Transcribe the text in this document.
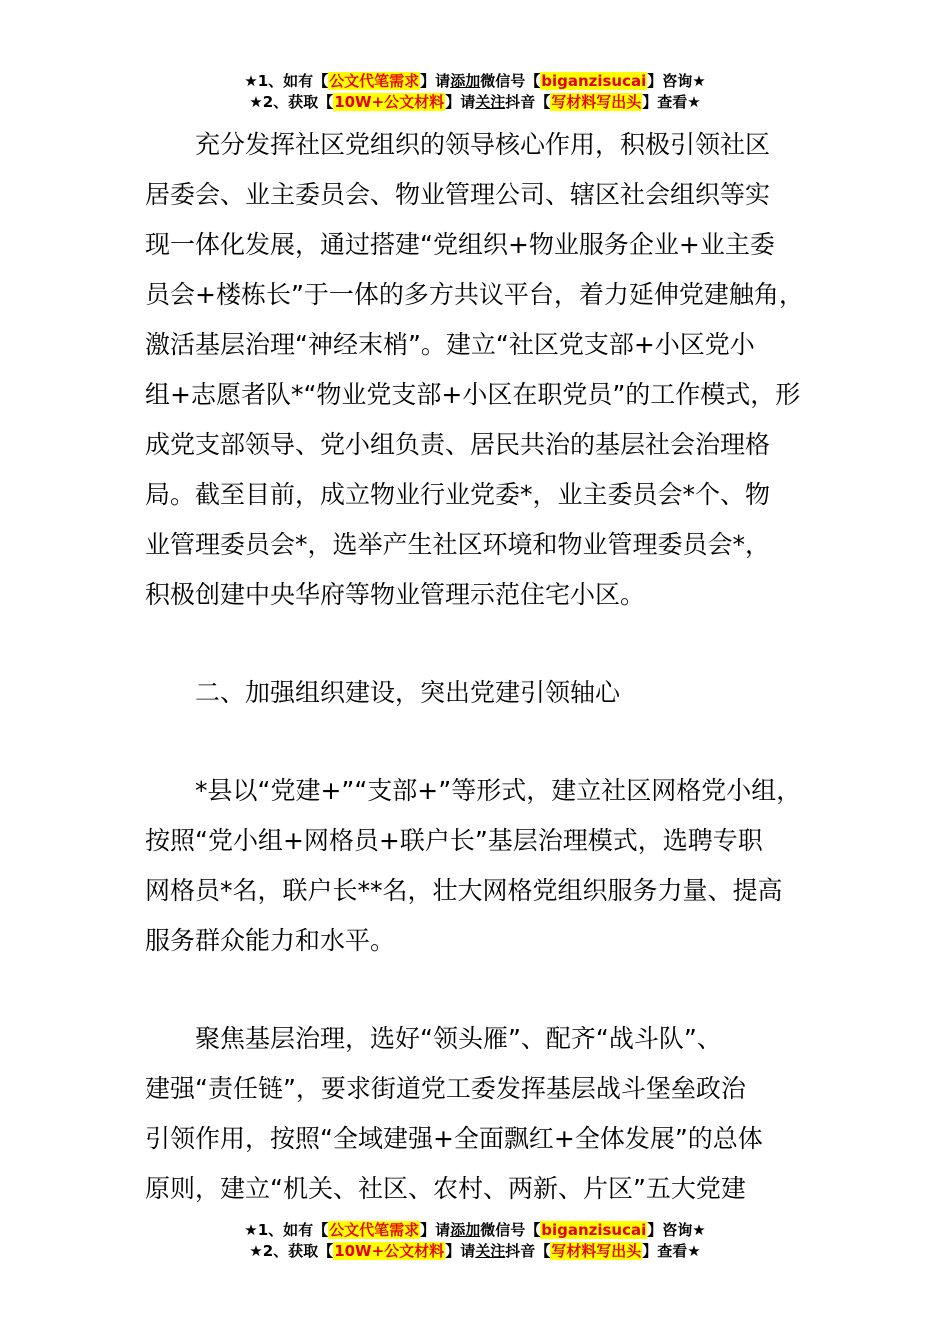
★1、如有【公文代笔需求】请添加微信号【biganzisucai】咨询★
★2、获取【10W+公文材料】请关注抖音【写材料写出头】查看★

充分发挥社区党组织的领导核心作用，积极引领社区
居委会、业主委员会、物业管理公司、辖区社会组织等实
现一体化发展，通过搭建“党组织+物业服务企业+业主委
员会+楼栋长”于一体的多方共议平台，着力延伸党建触角，
激活基层治理“神经末梢”。建立“社区党支部+小区党小
组+志愿者队*“物业党支部+小区在职党员”的工作模式，形
成党支部领导、党小组负责、居民共治的基层社会治理格
局。截至目前，成立物业行业党委*，业主委员会*个、物
业管理委员会*，选举产生社区环境和物业管理委员会*，
积极创建中央华府等物业管理示范住宅小区。

二、加强组织建设，突出党建引领轴心

*县以“党建+”“支部+”等形式，建立社区网格党小组，
按照“党小组+网格员+联户长”基层治理模式，选聘专职
网格员*名，联户长**名，壮大网格党组织服务力量、提高
服务群众能力和水平。

聚焦基层治理，选好“领头雁”、配齐“战斗队”、
建强“责任链”，要求街道党工委发挥基层战斗堡垒政治
引领作用，按照“全域建强+全面飘红+全体发展”的总体
原则，建立“机关、社区、农村、两新、片区”五大党建

★1、如有【公文代笔需求】请添加微信号【biganzisucai】咨询★
★2、获取【10W+公文材料】请关注抖音【写材料写出头】查看★
